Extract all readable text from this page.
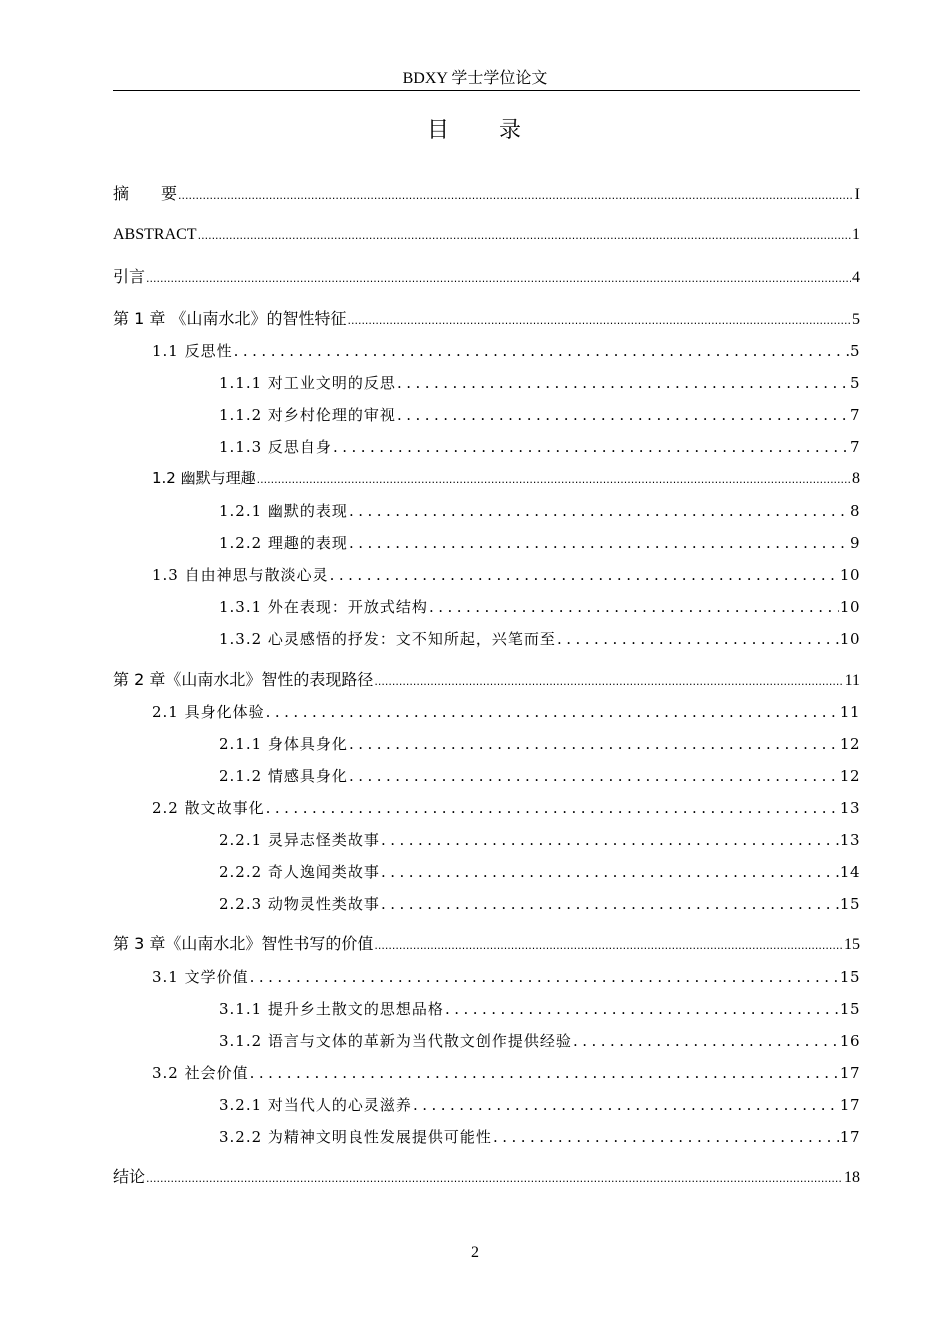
BDXY 学士学位论文
目　　录
摘　　要 .....	I
ABSTRACT .....	1
引言 .....	4
第 1 章 《山南水北》的智性特征 .....	5
1.1 反思性 .....	5
1.1.1 对工业文明的反思 .....	5
1.1.2 对乡村伦理的审视 .....	7
1.1.3 反思自身 .....	7
1.2 幽默与理趣 .....	8
1.2.1 幽默的表现 .....	8
1.2.2 理趣的表现 .....	9
1.3 自由神思与散淡心灵 .....	10
1.3.1 外在表现：开放式结构 .....	10
1.3.2 心灵感悟的抒发：文不知所起，兴笔而至 .....	10
第 2 章《山南水北》智性的表现路径 .....	11
2.1 具身化体验 .....	11
2.1.1 身体具身化 .....	12
2.1.2 情感具身化 .....	12
2.2 散文故事化 .....	13
2.2.1 灵异志怪类故事 .....	13
2.2.2 奇人逸闻类故事 .....	14
2.2.3 动物灵性类故事 .....	15
第 3 章《山南水北》智性书写的价值 .....	15
3.1 文学价值 .....	15
3.1.1 提升乡土散文的思想品格 .....	15
3.1.2 语言与文体的革新为当代散文创作提供经验 .....	16
3.2 社会价值 .....	17
3.2.1 对当代人的心灵滋养 .....	17
3.2.2 为精神文明良性发展提供可能性 .....	17
结论 .....	18
2
